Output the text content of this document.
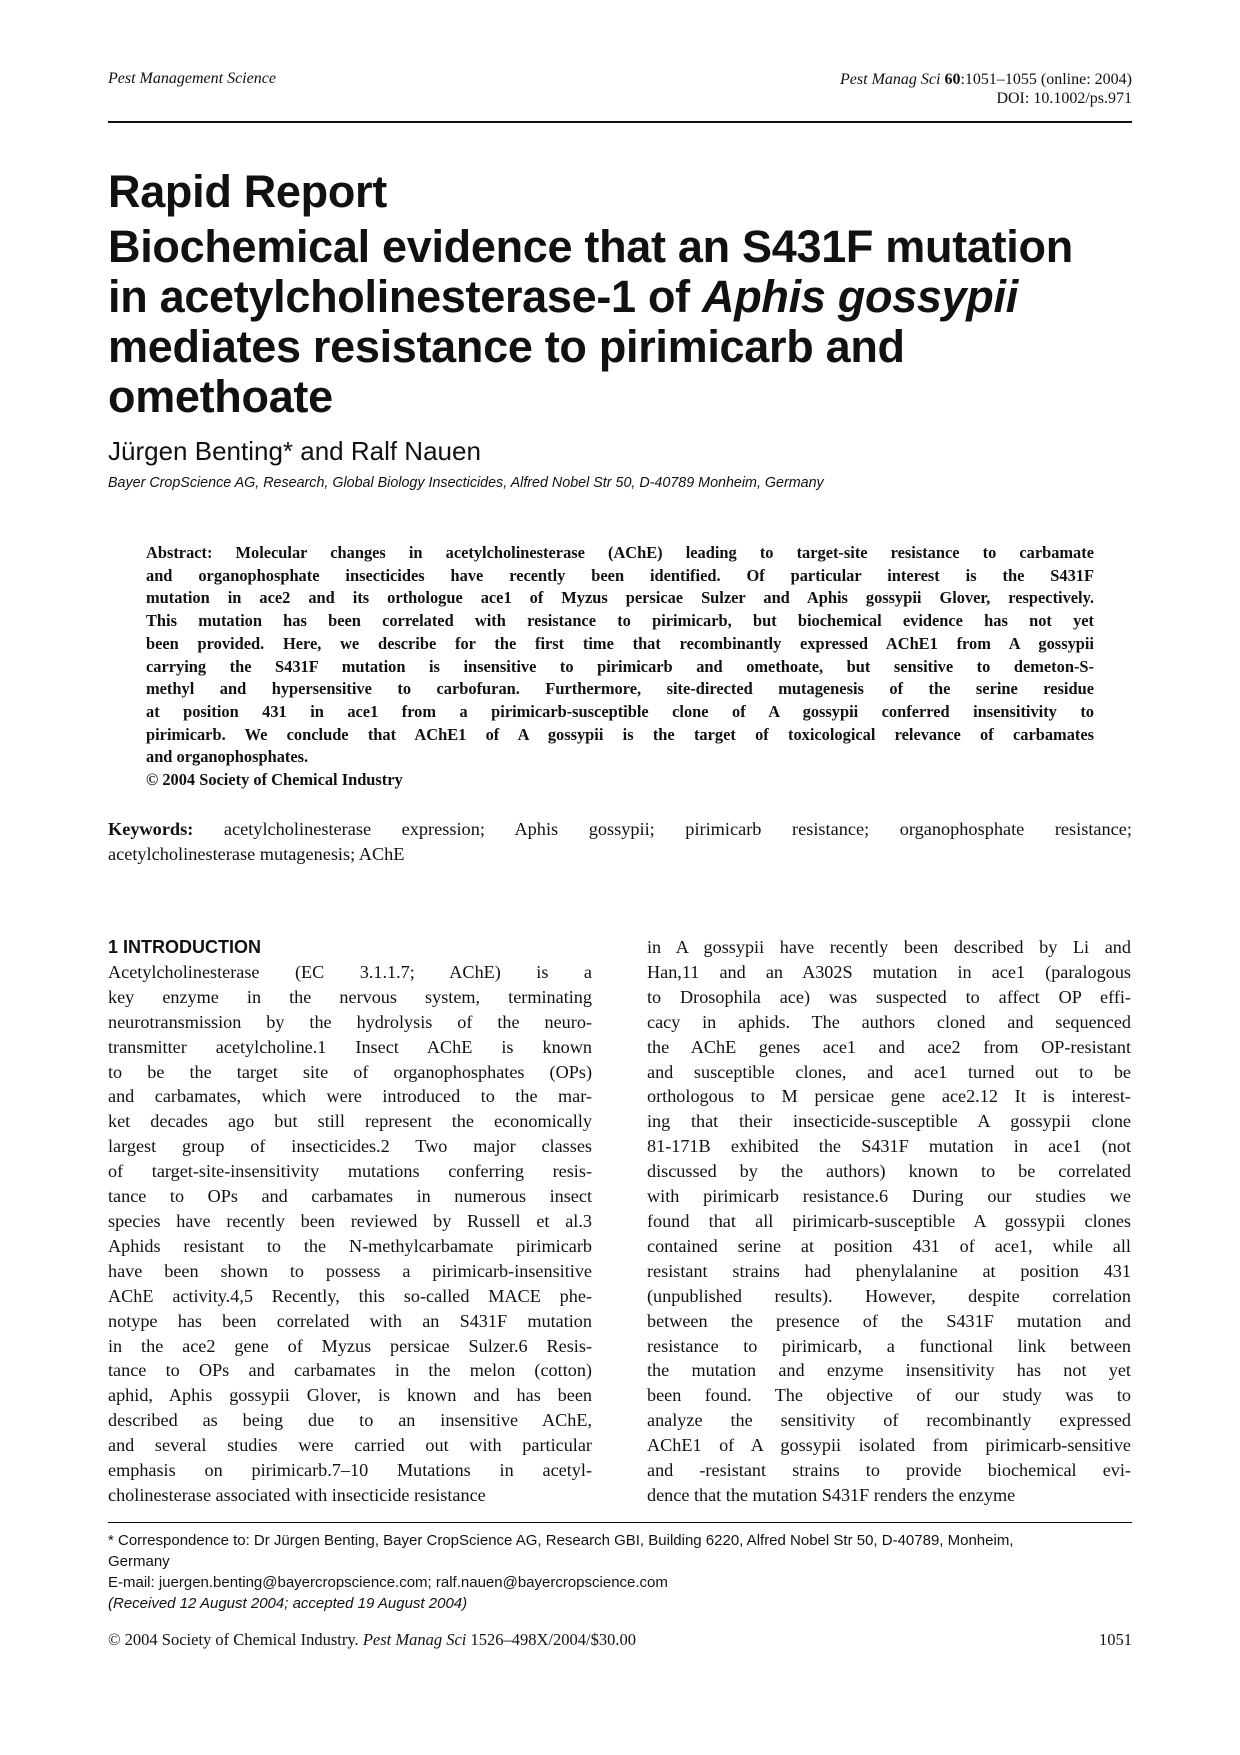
Pest Management Science	Pest Manag Sci 60:1051–1055 (online: 2004)
DOI: 10.1002/ps.971
Rapid Report
Biochemical evidence that an S431F mutation
in acetylcholinesterase-1 of Aphis gossypii
mediates resistance to pirimicarb and
omethoate
Jürgen Benting* and Ralf Nauen
Bayer CropScience AG, Research, Global Biology Insecticides, Alfred Nobel Str 50, D-40789 Monheim, Germany
Abstract: Molecular changes in acetylcholinesterase (AChE) leading to target-site resistance to carbamate
and organophosphate insecticides have recently been identified. Of particular interest is the S431F
mutation in ace2 and its orthologue ace1 of Myzus persicae Sulzer and Aphis gossypii Glover, respectively.
This mutation has been correlated with resistance to pirimicarb, but biochemical evidence has not yet
been provided. Here, we describe for the first time that recombinantly expressed AChE1 from A gossypii
carrying the S431F mutation is insensitive to pirimicarb and omethoate, but sensitive to demeton-S-
methyl and hypersensitive to carbofuran. Furthermore, site-directed mutagenesis of the serine residue
at position 431 in ace1 from a pirimicarb-susceptible clone of A gossypii conferred insensitivity to
pirimicarb. We conclude that AChE1 of A gossypii is the target of toxicological relevance of carbamates
and organophosphates.
© 2004 Society of Chemical Industry
Keywords: acetylcholinesterase expression; Aphis gossypii; pirimicarb resistance; organophosphate resistance;
acetylcholinesterase mutagenesis; AChE
1 INTRODUCTION
Acetylcholinesterase (EC 3.1.1.7; AChE) is a
key enzyme in the nervous system, terminating
neurotransmission by the hydrolysis of the neuro-
transmitter acetylcholine.1 Insect AChE is known
to be the target site of organophosphates (OPs)
and carbamates, which were introduced to the mar-
ket decades ago but still represent the economically
largest group of insecticides.2 Two major classes
of target-site-insensitivity mutations conferring resis-
tance to OPs and carbamates in numerous insect
species have recently been reviewed by Russell et al.3
Aphids resistant to the N-methylcarbamate pirimicarb
have been shown to possess a pirimicarb-insensitive
AChE activity.4,5 Recently, this so-called MACE phe-
notype has been correlated with an S431F mutation
in the ace2 gene of Myzus persicae Sulzer.6 Resis-
tance to OPs and carbamates in the melon (cotton)
aphid, Aphis gossypii Glover, is known and has been
described as being due to an insensitive AChE,
and several studies were carried out with particular
emphasis on pirimicarb.7–10 Mutations in acetyl-
cholinesterase associated with insecticide resistance
in A gossypii have recently been described by Li and
Han,11 and an A302S mutation in ace1 (paralogous
to Drosophila ace) was suspected to affect OP effi-
cacy in aphids. The authors cloned and sequenced
the AChE genes ace1 and ace2 from OP-resistant
and susceptible clones, and ace1 turned out to be
orthologous to M persicae gene ace2.12 It is interest-
ing that their insecticide-susceptible A gossypii clone
81-171B exhibited the S431F mutation in ace1 (not
discussed by the authors) known to be correlated
with pirimicarb resistance.6 During our studies we
found that all pirimicarb-susceptible A gossypii clones
contained serine at position 431 of ace1, while all
resistant strains had phenylalanine at position 431
(unpublished results). However, despite correlation
between the presence of the S431F mutation and
resistance to pirimicarb, a functional link between
the mutation and enzyme insensitivity has not yet
been found. The objective of our study was to
analyze the sensitivity of recombinantly expressed
AChE1 of A gossypii isolated from pirimicarb-sensitive
and -resistant strains to provide biochemical evi-
dence that the mutation S431F renders the enzyme
* Correspondence to: Dr Jürgen Benting, Bayer CropScience AG, Research GBI, Building 6220, Alfred Nobel Str 50, D-40789, Monheim,
Germany
E-mail: juergen.benting@bayercropscience.com; ralf.nauen@bayercropscience.com
(Received 12 August 2004; accepted 19 August 2004)
© 2004 Society of Chemical Industry. Pest Manag Sci 1526–498X/2004/$30.00	1051
